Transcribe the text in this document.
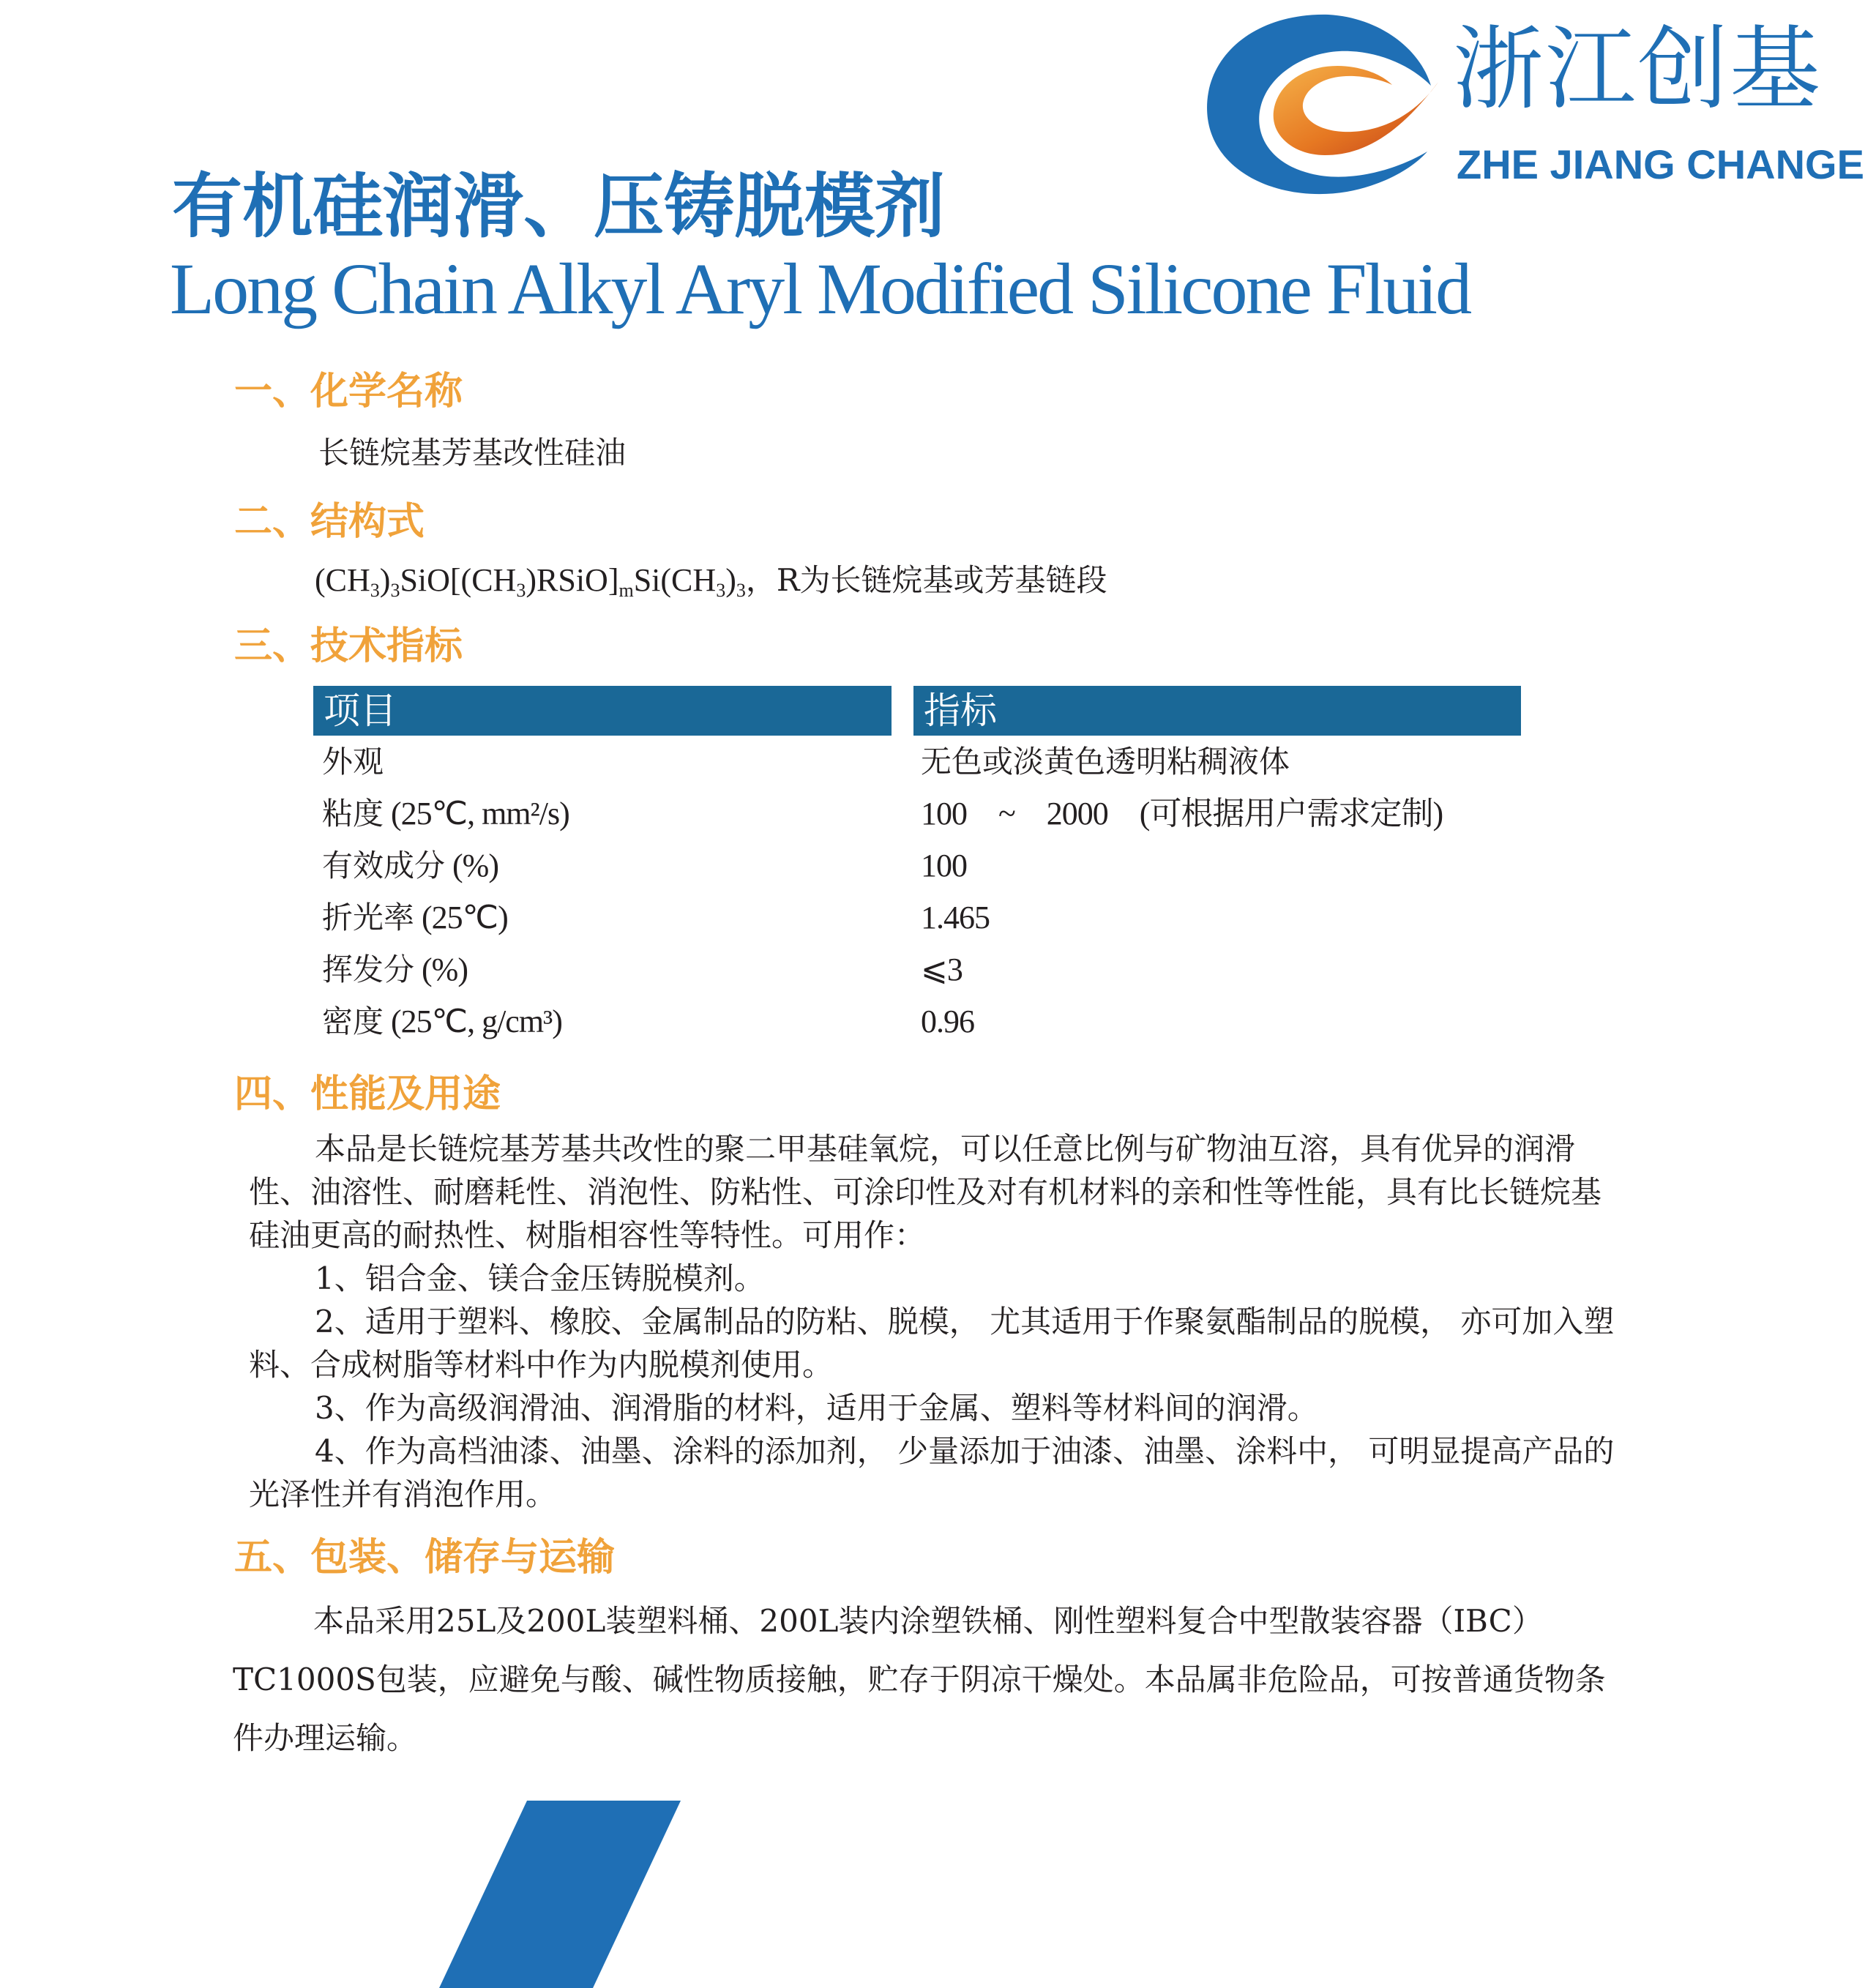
浙江创基
ZHE JIANG CHANGE
有机硅润滑、压铸脱模剂
Long Chain Alkyl Aryl Modified Silicone Fluid
一、化学名称
长链烷基芳基改性硅油
二、结构式
$(CH_3)_3SiO[(CH_3)RSiO]_mSi(CH_3)_3$，R为长链烷基或芳基链段
三、技术指标
项目	指标
外观	无色或淡黄色透明粘稠液体
粘度 (25℃, mm²/s)	100　~　2000　(可根据用户需求定制)
有效成分 (%)	100
折光率 (25℃)	1.465
挥发分 (%)	⩽3
密度 (25℃, g/cm³)	0.96
四、性能及用途

本品是长链烷基芳基共改性的聚二甲基硅氧烷，可以任意比例与矿物油互溶，具有优异的润滑性、油溶性、耐磨耗性、消泡性、防粘性、可涂印性及对有机材料的亲和性等性能，具有比长链烷基硅油更高的耐热性、树脂相容性等特性。可用作：

1、铝合金、镁合金压铸脱模剂。

2、适用于塑料、橡胶、金属制品的防粘、脱模， 尤其适用于作聚氨酯制品的脱模， 亦可加入塑料、合成树脂等材料中作为内脱模剂使用。

3、作为高级润滑油、润滑脂的材料，适用于金属、塑料等材料间的润滑。

4、作为高档油漆、油墨、涂料的添加剂， 少量添加于油漆、油墨、涂料中， 可明显提高产品的光泽性并有消泡作用。

五、包装、储存与运输

本品采用25L及200L装塑料桶、200L装内涂塑铁桶、刚性塑料复合中型散装容器（IBC）TC1000S包装，应避免与酸、碱性物质接触，贮存于阴凉干燥处。本品属非危险品，可按普通货物条件办理运输。
